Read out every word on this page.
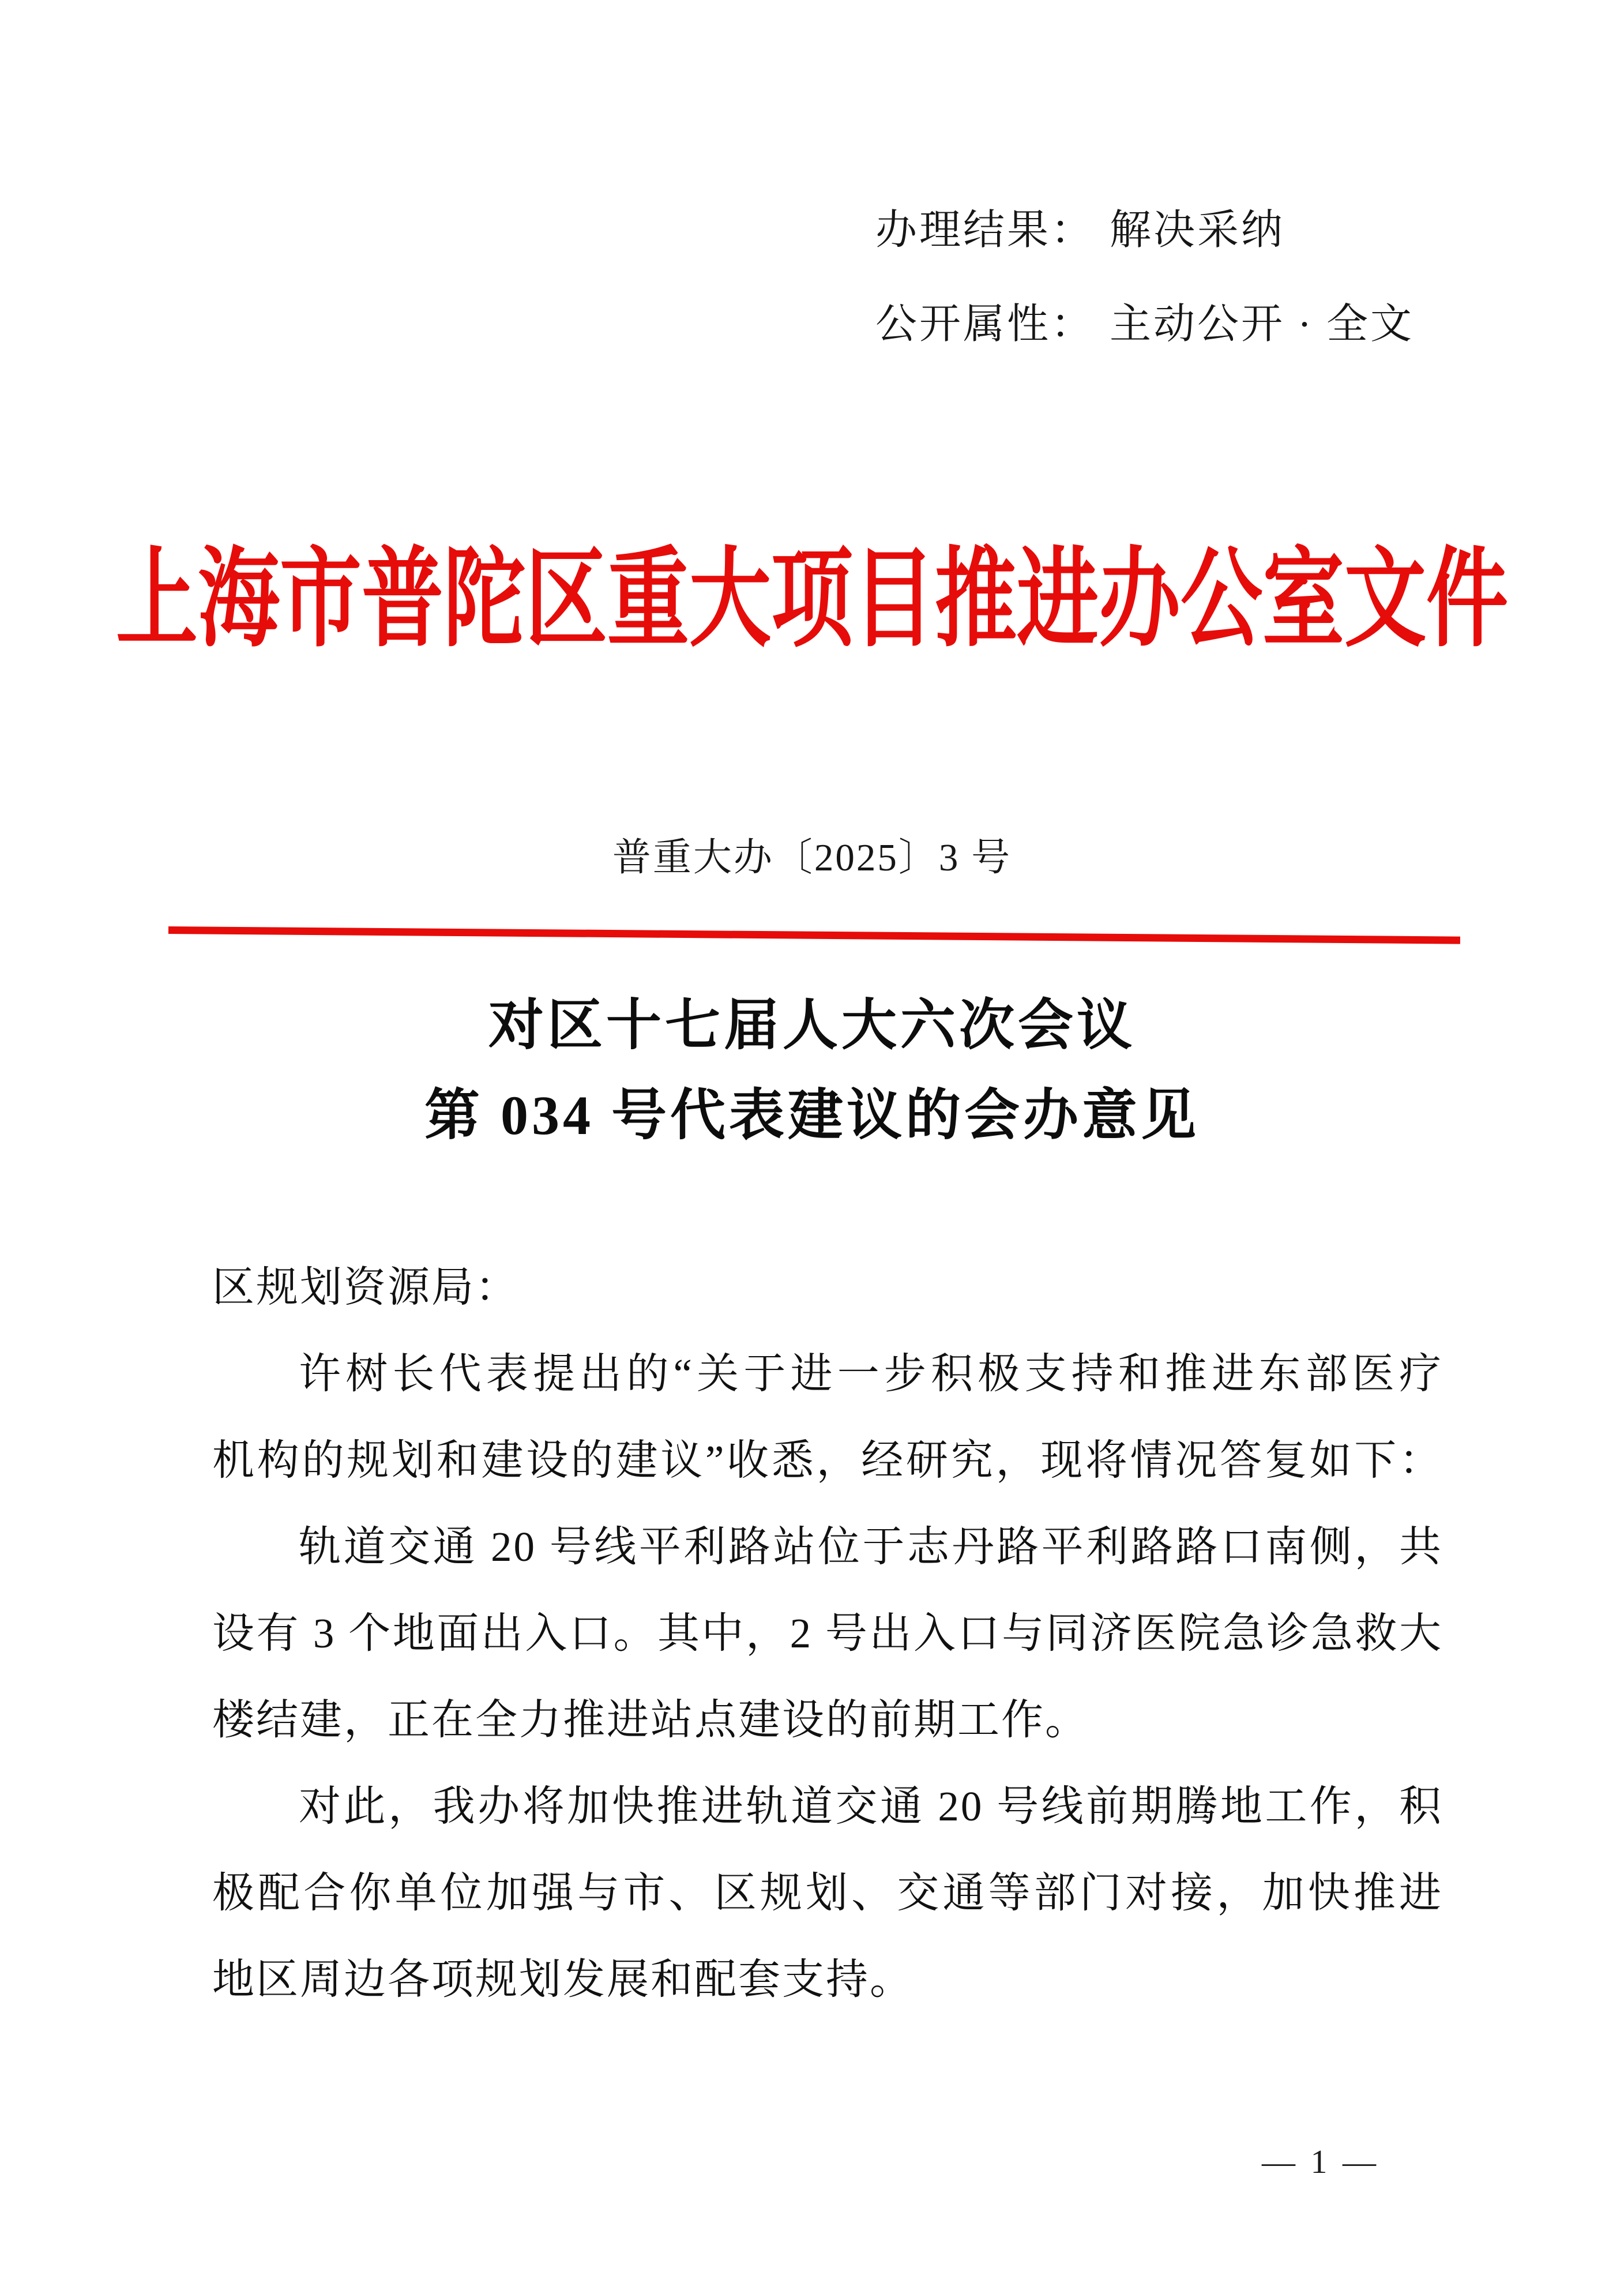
办理结果： 解决采纳
公开属性： 主动公开 · 全文
上海市普陀区重大项目推进办公室文件
普重大办〔2025〕3 号
对区十七届人大六次会议
第 034 号代表建议的会办意见
区规划资源局：
许树长代表提出的“关于进一步积极支持和推进东部医疗
机构的规划和建设的建议”收悉，经研究，现将情况答复如下：
轨道交通 20 号线平利路站位于志丹路平利路路口南侧，共
设有 3 个地面出入口。其中，2 号出入口与同济医院急诊急救大
楼结建，正在全力推进站点建设的前期工作。
对此，我办将加快推进轨道交通 20 号线前期腾地工作，积
极配合你单位加强与市、区规划、交通等部门对接，加快推进
地区周边各项规划发展和配套支持。
— 1 —
